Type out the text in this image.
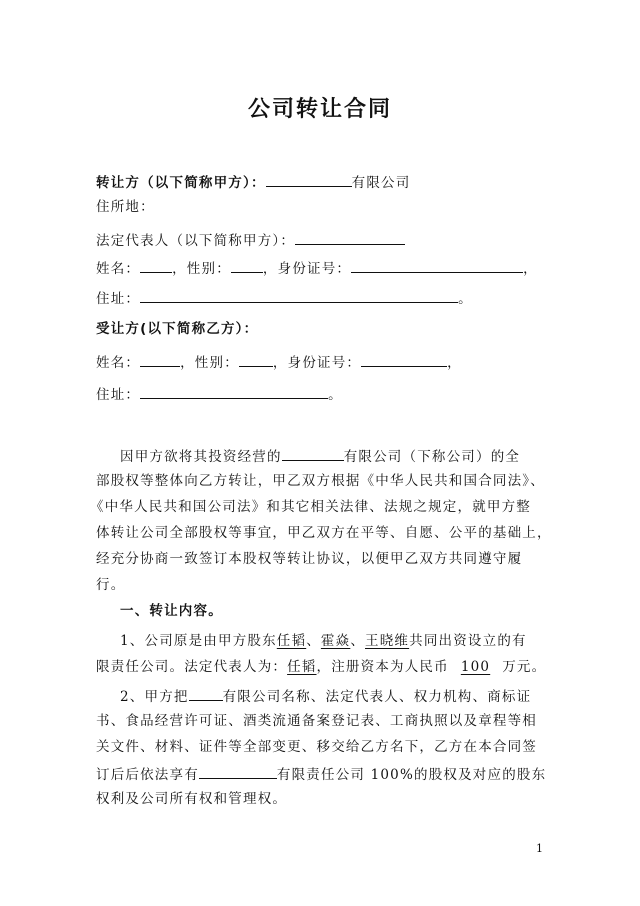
公司转让合同
转让方（以下简称甲方）：	有限公司
住所地：
法定代表人（以下简称甲方）：
姓名： ，性别： ，身份证号：	，
住址：	。
受让方(以下简称乙方）：
姓名：	，性别：	，身份证号：	，
住址：	。
因甲方欲将其投资经营的	有限公司（下称公司）的全
部股权等整体向乙方转让，甲乙双方根据《中华人民共和国合同法》、
《中华人民共和国公司法》和其它相关法律、法规之规定，就甲方整
体转让公司全部股权等事宜，甲乙双方在平等、自愿、公平的基础上，
经充分协商一致签订本股权等转让协议，以便甲乙双方共同遵守履
行。
一、转让内容。
1、公司原是由甲方股东任韬、霍焱、王晓维共同出资设立的有
限责任公司。法定代表人为：任韬，注册资本为人民币 100 万元。
2、甲方把	有限公司名称、法定代表人、权力机构、商标证
书、食品经营许可证、酒类流通备案登记表、工商执照以及章程等相
关文件、材料、证件等全部变更、移交给乙方名下，乙方在本合同签
订后后依法享有	有限责任公司 100%的股权及对应的股东
权利及公司所有权和管理权。
1
